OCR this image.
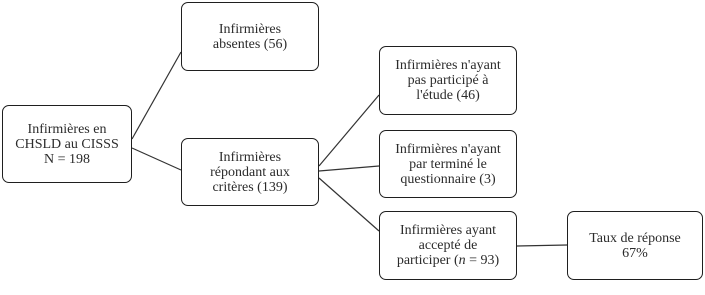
Infirmières en
CHSLD au CISSS
N = 198
Infirmières
absentes (56)
Infirmières
répondant aux
critères (139)
Infirmières n'ayant
pas participé à
l'étude (46)
Infirmières n'ayant
par terminé le
questionnaire (3)
Infirmières ayant
accepté de
participer (n = 93)
Taux de réponse
67%
